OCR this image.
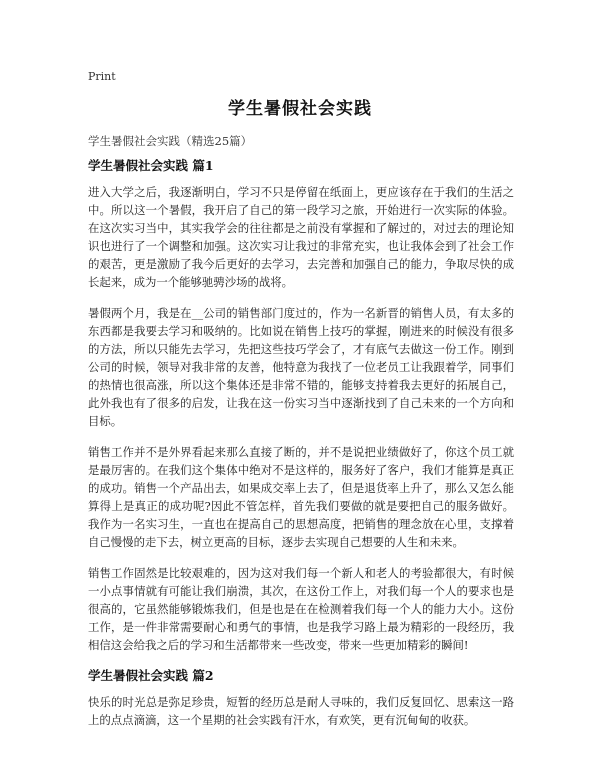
Print
学生暑假社会实践
学生暑假社会实践（精选25篇）
学生暑假社会实践 篇1

进入大学之后，我逐渐明白，学习不只是停留在纸面上，更应该存在于我们的生活之中。所以这一个暑假，我开启了自己的第一段学习之旅，开始进行一次实际的体验。在这次实习当中，其实我学会的往往都是之前没有掌握和了解过的，对过去的理论知识也进行了一个调整和加强。这次实习让我过的非常充实，也让我体会到了社会工作的艰苦，更是激励了我今后更好的去学习，去完善和加强自己的能力，争取尽快的成长起来，成为一个能够驰骋沙场的战将。

暑假两个月，我是在__公司的销售部门度过的，作为一名新晋的销售人员，有太多的东西都是我要去学习和吸纳的。比如说在销售上技巧的掌握，刚进来的时候没有很多的方法，所以只能先去学习，先把这些技巧学会了，才有底气去做这一份工作。刚到公司的时候，领导对我非常的友善，他特意为我找了一位老员工让我跟着学，同事们的热情也很高涨，所以这个集体还是非常不错的，能够支持着我去更好的拓展自己，此外我也有了很多的启发，让我在这一份实习当中逐渐找到了自己未来的一个方向和目标。

销售工作并不是外界看起来那么直接了断的，并不是说把业绩做好了，你这个员工就是最厉害的。在我们这个集体中绝对不是这样的，服务好了客户，我们才能算是真正的成功。销售一个产品出去，如果成交率上去了，但是退货率上升了，那么又怎么能算得上是真正的成功呢?因此不管怎样，首先我们要做的就是要把自己的服务做好。我作为一名实习生，一直也在提高自己的思想高度，把销售的理念放在心里，支撑着自己慢慢的走下去，树立更高的目标，逐步去实现自己想要的人生和未来。

销售工作固然是比较艰难的，因为这对我们每一个新人和老人的考验都很大，有时候一小点事情就有可能让我们崩溃，其次，在这份工作上，对我们每一个人的要求也是很高的，它虽然能够锻炼我们，但是也是在在检测着我们每一个人的能力大小。这份工作，是一件非常需要耐心和勇气的事情，也是我学习路上最为精彩的一段经历，我相信这会给我之后的学习和生活都带来一些改变，带来一些更加精彩的瞬间!

学生暑假社会实践 篇2

快乐的时光总是弥足珍贵，短暂的经历总是耐人寻味的，我们反复回忆、思索这一路上的点点滴滴，这一个星期的社会实践有汗水，有欢笑，更有沉甸甸的收获。
